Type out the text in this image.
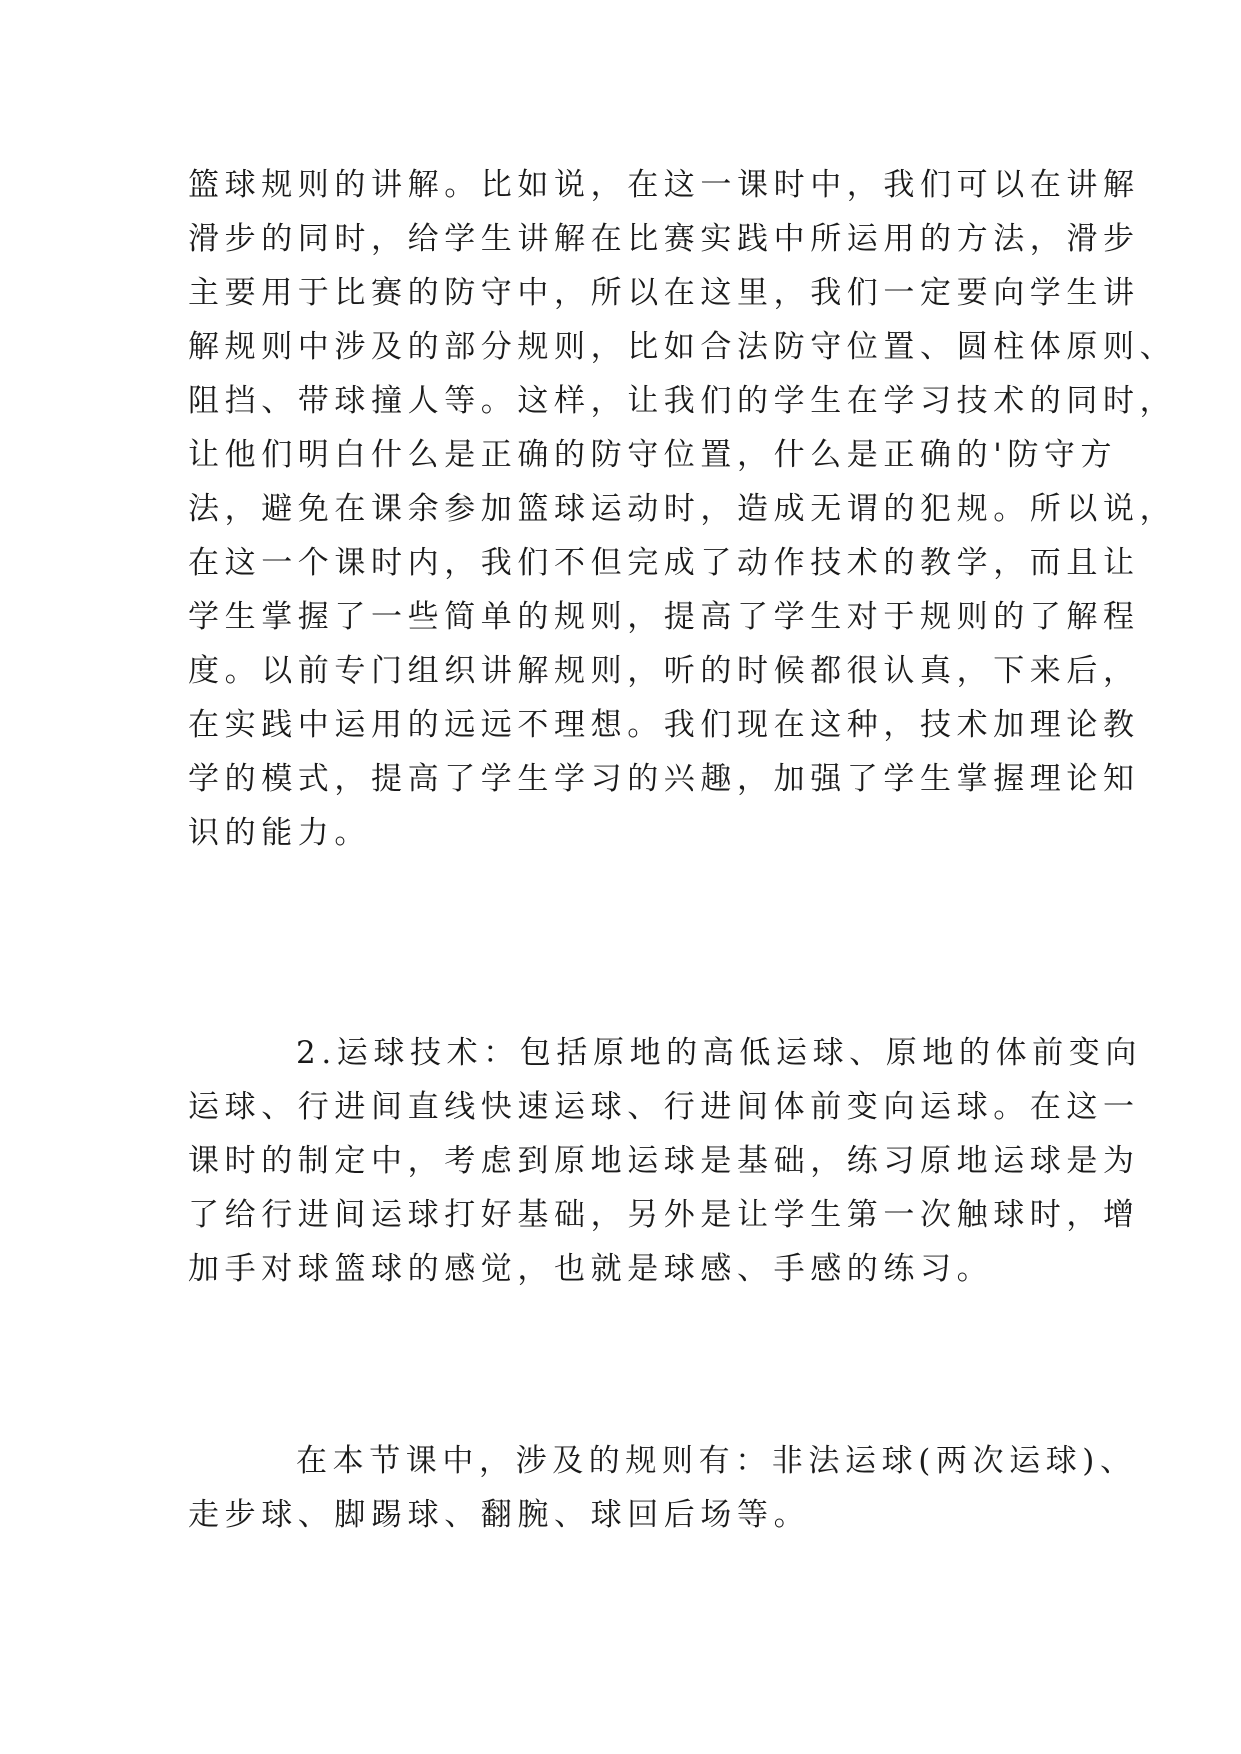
篮球规则的讲解。比如说，在这一课时中，我们可以在讲解
滑步的同时，给学生讲解在比赛实践中所运用的方法，滑步
主要用于比赛的防守中，所以在这里，我们一定要向学生讲
解规则中涉及的部分规则，比如合法防守位置、圆柱体原则、
阻挡、带球撞人等。这样，让我们的学生在学习技术的同时，
让他们明白什么是正确的防守位置，什么是正确的'防守方
法，避免在课余参加篮球运动时，造成无谓的犯规。所以说，
在这一个课时内，我们不但完成了动作技术的教学，而且让
学生掌握了一些简单的规则，提高了学生对于规则的了解程
度。以前专门组织讲解规则，听的时候都很认真，下来后，
在实践中运用的远远不理想。我们现在这种，技术加理论教
学的模式，提高了学生学习的兴趣，加强了学生掌握理论知
识的能力。
2.运球技术：包括原地的高低运球、原地的体前变向
运球、行进间直线快速运球、行进间体前变向运球。在这一
课时的制定中，考虑到原地运球是基础，练习原地运球是为
了给行进间运球打好基础，另外是让学生第一次触球时，增
加手对球篮球的感觉，也就是球感、手感的练习。
在本节课中，涉及的规则有：非法运球(两次运球)、
走步球、脚踢球、翻腕、球回后场等。
